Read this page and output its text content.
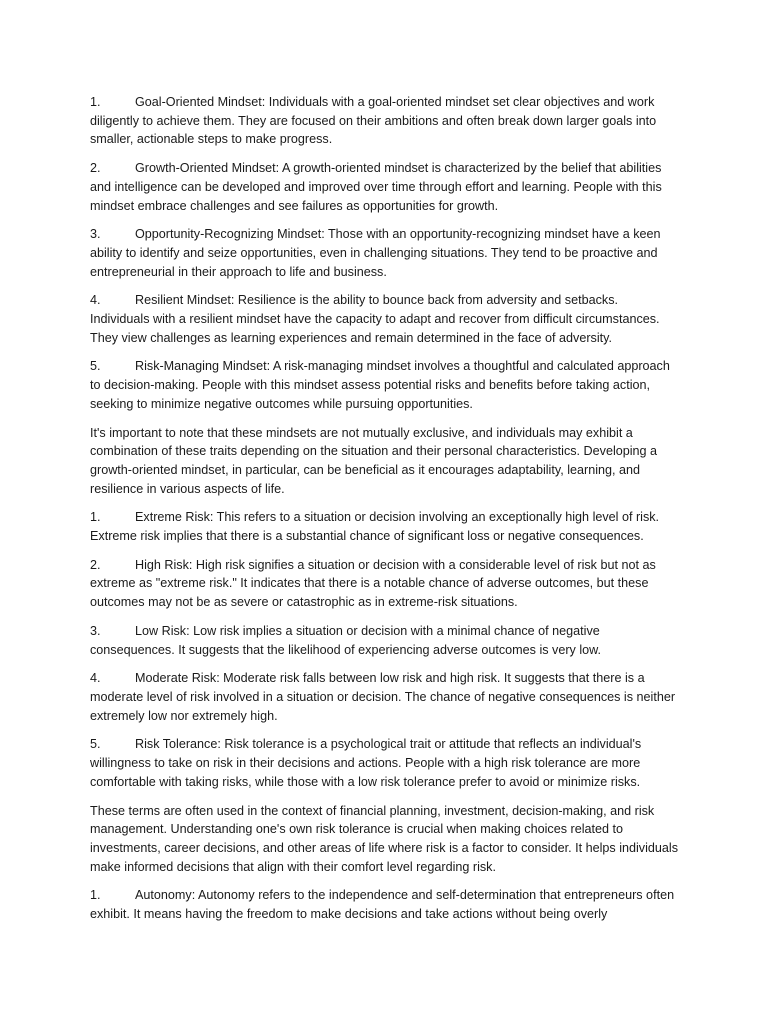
1.	Goal-Oriented Mindset: Individuals with a goal-oriented mindset set clear objectives and work diligently to achieve them. They are focused on their ambitions and often break down larger goals into smaller, actionable steps to make progress.
2.	Growth-Oriented Mindset: A growth-oriented mindset is characterized by the belief that abilities and intelligence can be developed and improved over time through effort and learning. People with this mindset embrace challenges and see failures as opportunities for growth.
3.	Opportunity-Recognizing Mindset: Those with an opportunity-recognizing mindset have a keen ability to identify and seize opportunities, even in challenging situations. They tend to be proactive and entrepreneurial in their approach to life and business.
4.	Resilient Mindset: Resilience is the ability to bounce back from adversity and setbacks. Individuals with a resilient mindset have the capacity to adapt and recover from difficult circumstances. They view challenges as learning experiences and remain determined in the face of adversity.
5.	Risk-Managing Mindset: A risk-managing mindset involves a thoughtful and calculated approach to decision-making. People with this mindset assess potential risks and benefits before taking action, seeking to minimize negative outcomes while pursuing opportunities.
It's important to note that these mindsets are not mutually exclusive, and individuals may exhibit a combination of these traits depending on the situation and their personal characteristics. Developing a growth-oriented mindset, in particular, can be beneficial as it encourages adaptability, learning, and resilience in various aspects of life.
1.	Extreme Risk: This refers to a situation or decision involving an exceptionally high level of risk. Extreme risk implies that there is a substantial chance of significant loss or negative consequences.
2.	High Risk: High risk signifies a situation or decision with a considerable level of risk but not as extreme as "extreme risk." It indicates that there is a notable chance of adverse outcomes, but these outcomes may not be as severe or catastrophic as in extreme-risk situations.
3.	Low Risk: Low risk implies a situation or decision with a minimal chance of negative consequences. It suggests that the likelihood of experiencing adverse outcomes is very low.
4.	Moderate Risk: Moderate risk falls between low risk and high risk. It suggests that there is a moderate level of risk involved in a situation or decision. The chance of negative consequences is neither extremely low nor extremely high.
5.	Risk Tolerance: Risk tolerance is a psychological trait or attitude that reflects an individual's willingness to take on risk in their decisions and actions. People with a high risk tolerance are more comfortable with taking risks, while those with a low risk tolerance prefer to avoid or minimize risks.
These terms are often used in the context of financial planning, investment, decision-making, and risk management. Understanding one's own risk tolerance is crucial when making choices related to investments, career decisions, and other areas of life where risk is a factor to consider. It helps individuals make informed decisions that align with their comfort level regarding risk.
1.	Autonomy: Autonomy refers to the independence and self-determination that entrepreneurs often exhibit. It means having the freedom to make decisions and take actions without being overly
